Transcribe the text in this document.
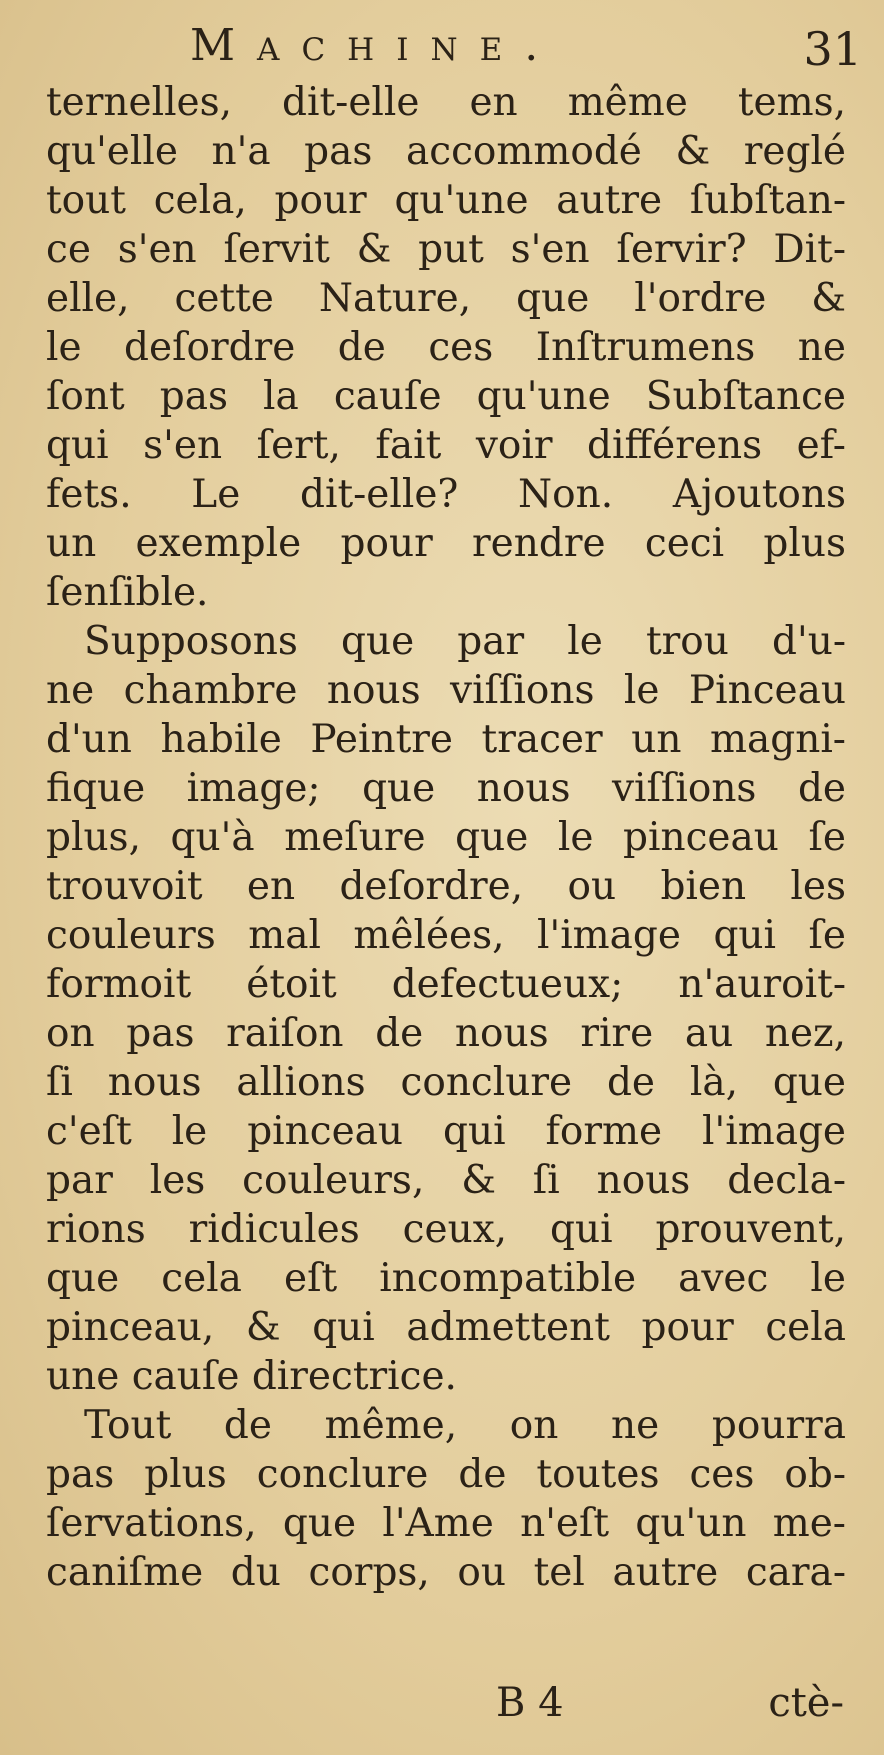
Machine.	31
ternelles, dit-elle en même tems,
qu'elle n'a pas accommodé & reglé
tout cela, pour qu'une autre ſubſtan-
ce s'en ſervit & put s'en ſervir? Dit-
elle, cette Nature, que l'ordre &
le deſordre de ces Inſtrumens ne
ſont pas la cauſe qu'une Subſtance
qui s'en ſert, fait voir différens ef-
fets. Le dit-elle? Non. Ajoutons
un exemple pour rendre ceci plus
ſenſible.
Supposons que par le trou d'u-
ne chambre nous viſſions le Pinceau
d'un habile Peintre tracer un magni-
fique image; que nous viſſions de
plus, qu'à meſure que le pinceau ſe
trouvoit en deſordre, ou bien les
couleurs mal mêlées, l'image qui ſe
formoit étoit defectueux; n'auroit-
on pas raiſon de nous rire au nez,
ſi nous allions conclure de là, que
c'eſt le pinceau qui forme l'image
par les couleurs, & ſi nous decla-
rions ridicules ceux, qui prouvent,
que cela eſt incompatible avec le
pinceau, & qui admettent pour cela
une cauſe directrice.
Tout de même, on ne pourra
pas plus conclure de toutes ces ob-
ſervations, que l'Ame n'eſt qu'un me-
caniſme du corps, ou tel autre cara-
B 4	ctè-
